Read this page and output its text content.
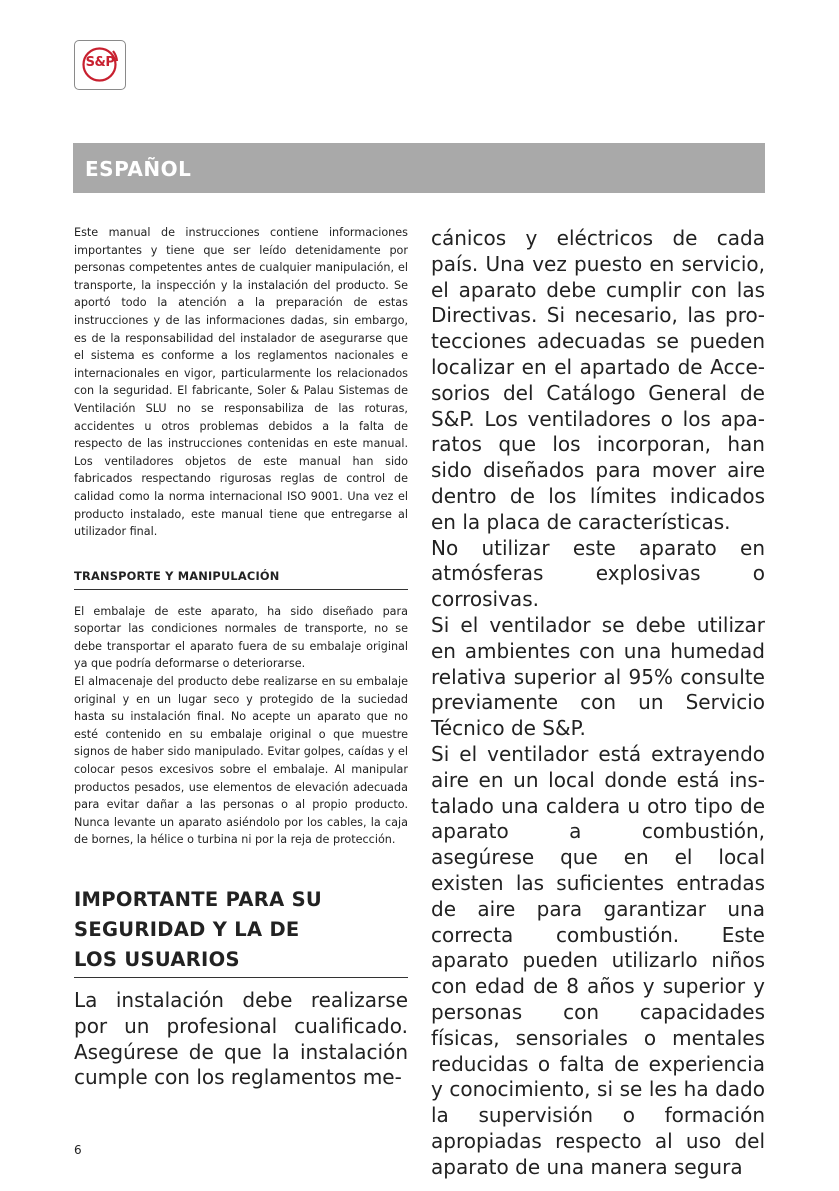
S&P
ESPAÑOL

Este manual de instrucciones contiene informaciones importantes y tiene que ser leído detenidamente por personas competentes antes de cualquier manipulación, el transporte, la inspección y la instalación del producto. Se aportó todo la atención a la preparación de estas instrucciones y de las informaciones dadas, sin embargo, es de la responsabilidad del instalador de asegurarse que el sistema es conforme a los reglamentos nacionales e internacionales en vigor, particularmente los relacionados con la seguridad. El fabricante, Soler & Palau Sistemas de Ventilación SLU no se responsabiliza de las roturas, accidentes u otros problemas debidos a la falta de respecto de las instrucciones contenidas en este manual. Los ventiladores objetos de este manual han sido fabricados respectando rigurosas reglas de control de calidad como la norma internacional ISO 9001. Una vez el producto instalado, este manual tiene que entregarse al utilizador final.

TRANSPORTE Y MANIPULACIÓN

El embalaje de este aparato, ha sido diseñado para soportar las condiciones normales de transporte, no se debe transportar el aparato fuera de su embalaje original ya que podría deformarse o deteriorarse.

El almacenaje del producto debe realizarse en su embalaje original y en un lugar seco y protegido de la suciedad hasta su instalación final. No acepte un aparato que no esté contenido en su embalaje original o que muestre signos de haber sido manipulado. Evitar golpes, caídas y el colocar pesos excesivos sobre el embalaje. Al manipular productos pesados, use elementos de elevación adecuada para evitar dañar a las personas o al propio producto. Nunca levante un aparato asiéndolo por los cables, la caja de bornes, la hélice o turbina ni por la reja de protección.

IMPORTANTE PARA SU
SEGURIDAD Y LA DE
LOS USUARIOS

La instalación debe realizarse por un profesional cualificado. Asegúrese de que la instalación cumple con los reglamentos me-

cánicos y eléctricos de cada país. Una vez puesto en servicio, el aparato debe cumplir con las Directivas. Si necesario, las protecciones adecuadas se pueden localizar en el apartado de Accesorios del Catálogo General de S&P. Los ventiladores o los aparatos que los incorporan, han sido diseñados para mover aire dentro de los límites indicados en la placa de características.

No utilizar este aparato en atmósferas explosivas o corrosivas.

Si el ventilador se debe utilizar en ambientes con una humedad relativa superior al 95% consulte previamente con un Servicio Técnico de S&P.

Si el ventilador está extrayendo aire en un local donde está instalado una caldera u otro tipo de aparato a combustión, asegúrese que en el local existen las suficientes entradas de aire para garantizar una correcta combustión. Este aparato pueden utilizarlo niños con edad de 8 años y superior y personas con capacidades físicas, sensoriales o mentales reducidas o falta de experiencia y conocimiento, si se les ha dado la supervisión o formación apropiadas respecto al uso del aparato de una manera segura

6
